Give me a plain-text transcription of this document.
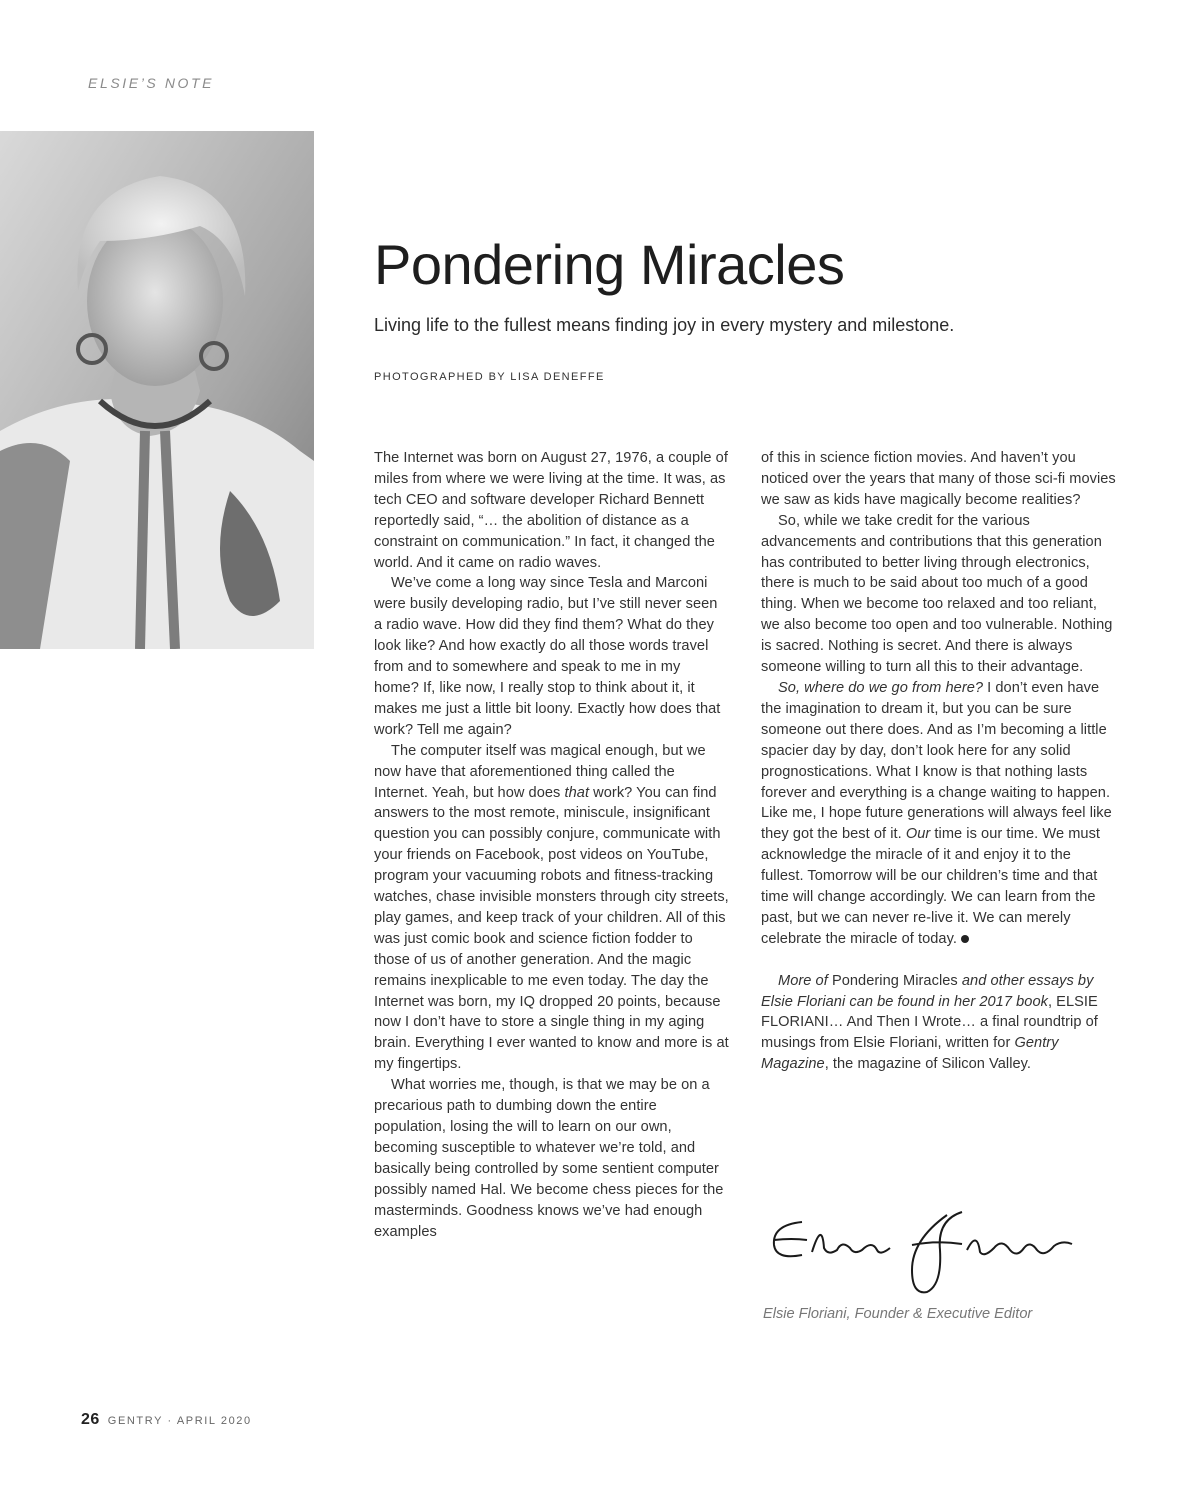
ELSIE’S NOTE
Pondering Miracles

Living life to the fullest means finding joy in every mystery and milestone.

PHOTOGRAPHED BY LISA DENEFFE

The Internet was born on August 27, 1976, a couple of miles from where we were living at the time. It was, as tech CEO and software developer Richard Bennett reportedly said, “… the abolition of distance as a constraint on communication.” In fact, it changed the world. And it came on radio waves.

We’ve come a long way since Tesla and Marconi were busily developing radio, but I’ve still never seen a radio wave. How did they find them? What do they look like? And how exactly do all those words travel from and to somewhere and speak to me in my home? If, like now, I really stop to think about it, it makes me just a little bit loony. Exactly how does that work? Tell me again?

The computer itself was magical enough, but we now have that aforementioned thing called the Internet. Yeah, but how does that work? You can find answers to the most remote, miniscule, insignificant question you can possibly conjure, communicate with your friends on Facebook, post videos on YouTube, program your vacuuming robots and fitness-tracking watches, chase invisible monsters through city streets, play games, and keep track of your children. All of this was just comic book and science fiction fodder to those of us of another generation. And the magic remains inexplicable to me even today. The day the Internet was born, my IQ dropped 20 points, because now I don’t have to store a single thing in my aging brain. Everything I ever wanted to know and more is at my fingertips.

What worries me, though, is that we may be on a precarious path to dumbing down the entire population, losing the will to learn on our own, becoming susceptible to whatever we’re told, and basically being controlled by some sentient computer possibly named Hal. We become chess pieces for the masterminds. Goodness knows we’ve had enough examples

of this in science fiction movies. And haven’t you noticed over the years that many of those sci-fi movies we saw as kids have magically become realities?

So, while we take credit for the various advancements and contributions that this generation has contributed to better living through electronics, there is much to be said about too much of a good thing. When we become too relaxed and too reliant, we also become too open and too vulnerable. Nothing is sacred. Nothing is secret. And there is always someone willing to turn all this to their advantage.

So, where do we go from here? I don’t even have the imagination to dream it, but you can be sure someone out there does. And as I’m becoming a little spacier day by day, don’t look here for any solid prognostications. What I know is that nothing lasts forever and everything is a change waiting to happen. Like me, I hope future generations will always feel like they got the best of it. Our time is our time. We must acknowledge the miracle of it and enjoy it to the fullest. Tomorrow will be our children’s time and that time will change accordingly. We can learn from the past, but we can never re-live it. We can merely celebrate the miracle of today.

More of Pondering Miracles and other essays by Elsie Floriani can be found in her 2017 book, ELSIE FLORIANI… And Then I Wrote… a final roundtrip of musings from Elsie Floriani, written for Gentry Magazine, the magazine of Silicon Valley.

Elsie Floriani, Founder & Executive Editor
26 GENTRY · APRIL 2020
